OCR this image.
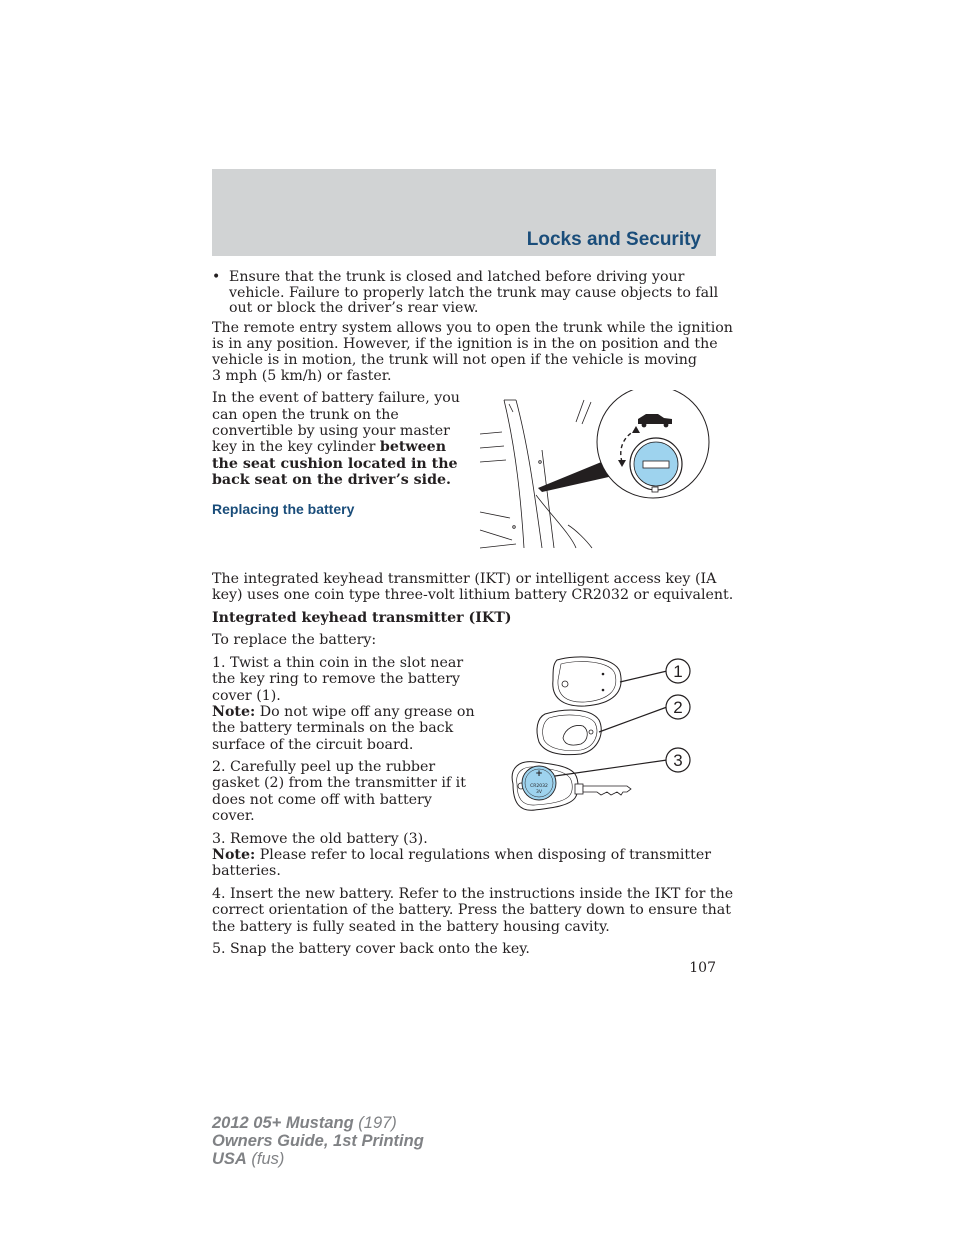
Locks and Security
• Ensure that the trunk is closed and latched before driving your

vehicle. Failure to properly latch the trunk may cause objects to fall

out or block the driver’s rear view.

The remote entry system allows you to open the trunk while the ignition

is in any position. However, if the ignition is in the on position and the

vehicle is in motion, the trunk will not open if the vehicle is moving

3 mph (5 km/h) or faster.

In the event of battery failure, you

can open the trunk on the

convertible by using your master

key in the key cylinder between

the seat cushion located in the

back seat on the driver’s side.

Replacing the battery

The integrated keyhead transmitter (IKT) or intelligent access key (IA

key) uses one coin type three-volt lithium battery CR2032 or equivalent.

Integrated keyhead transmitter (IKT)

To replace the battery:

1. Twist a thin coin in the slot near

the key ring to remove the battery

cover (1).

Note: Do not wipe off any grease on

the battery terminals on the back

surface of the circuit board.

2. Carefully peel up the rubber

gasket (2) from the transmitter if it

does not come off with battery

cover.

+
CR2032
3V
1
2
3

3. Remove the old battery (3).

Note: Please refer to local regulations when disposing of transmitter

batteries.

4. Insert the new battery. Refer to the instructions inside the IKT for the

correct orientation of the battery. Press the battery down to ensure that

the battery is fully seated in the battery housing cavity.

5. Snap the battery cover back onto the key.

107
2012 05+ Mustang (197)
Owners Guide, 1st Printing
USA (fus)
